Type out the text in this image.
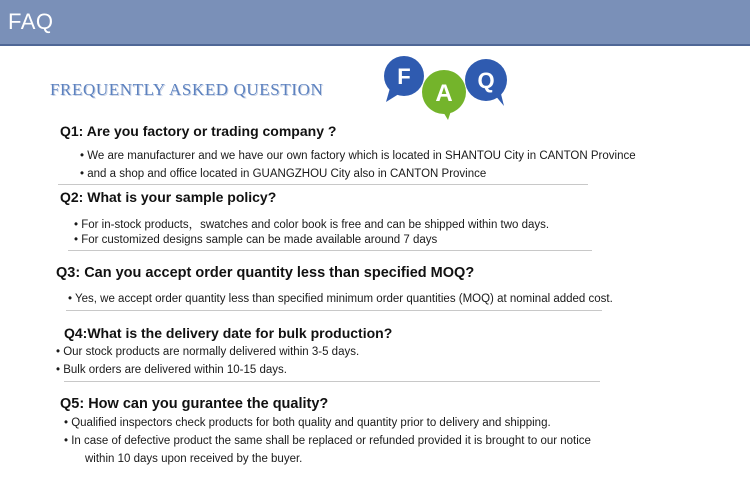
FAQ
FREQUENTLY ASKED QUESTION
F
A Q
Q1: Are you factory or trading company ?
• We are manufacturer and we have our own factory which is located in SHANTOU City in CANTON Province
• and a shop and office located in GUANGZHOU City also in CANTON Province
Q2: What is your sample policy?
• For in-stock products，swatches and color book is free and can be shipped within two days.
• For customized designs sample can be made available around 7 days
Q3: Can you accept order quantity less than specified MOQ?
• Yes, we accept order quantity less than specified minimum order quantities (MOQ) at nominal added cost.
Q4:What is the delivery date for bulk production?
• Our stock products are normally delivered within 3-5 days.
• Bulk orders are delivered within 10-15 days.
Q5: How can you gurantee the quality?
• Qualified inspectors check products for both quality and quantity prior to delivery and shipping.
• In case of defective product the same shall be replaced or refunded provided it is brought to our notice
within 10 days upon received by the buyer.
